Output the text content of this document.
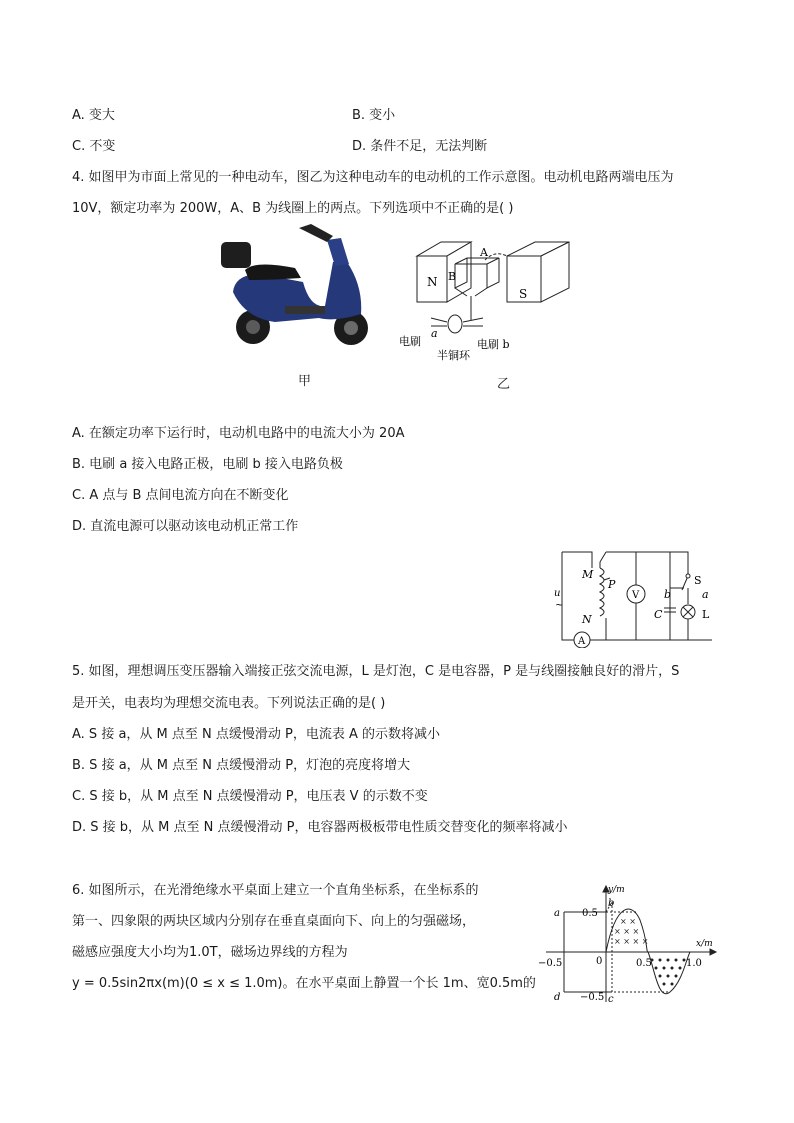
A. 变大	B. 变小
C. 不变	D. 条件不足，无法判断
4. 如图甲为市面上常见的一种电动车，图乙为这种电动车的电动机的工作示意图。电动机电路两端电压为
10V，额定功率为 200W，A、B 为线圈上的两点。下列选项中不正确的是( )
甲
N
S
A
B
电刷
a
电刷 b
半铜环
乙
A. 在额定功率下运行时，电动机电路中的电流大小为 20A
B. 电刷 a 接入电路正极，电刷 b 接入电路负极
C. A 点与 B 点间电流方向在不断变化
D. 直流电源可以驱动该电动机正常工作
M
P
N
u
~
V
A
S
a
b
C	L
5. 如图，理想调压变压器输入端接正弦交流电源，L 是灯泡，C 是电容器，P 是与线圈接触良好的滑片，S
是开关，电表均为理想交流电表。下列说法正确的是( )
A. S 接 a，从 M 点至 N 点缓慢滑动 P，电流表 A 的示数将减小
B. S 接 a，从 M 点至 N 点缓慢滑动 P，灯泡的亮度将增大
C. S 接 b，从 M 点至 N 点缓慢滑动 P，电压表 V 的示数不变
D. S 接 b，从 M 点至 N 点缓慢滑动 P，电容器两极板带电性质交替变化的频率将减小
6. 如图所示，在光滑绝缘水平桌面上建立一个直角坐标系，在坐标系的
第一、四象限的两块区域内分别存在垂直桌面向下、向上的匀强磁场，
磁感应强度大小均为1.0T，磁场边界线的方程为
y = 0.5sin2πx(m)(0 ≤ x ≤ 1.0m)。在水平桌面上静置一个长 1m、宽0.5m的
× ×
× × ×
× × × ×
y/m
x/m
0.5
−0.5
−0.5	0.5	1.0
0
a
b
c
d
